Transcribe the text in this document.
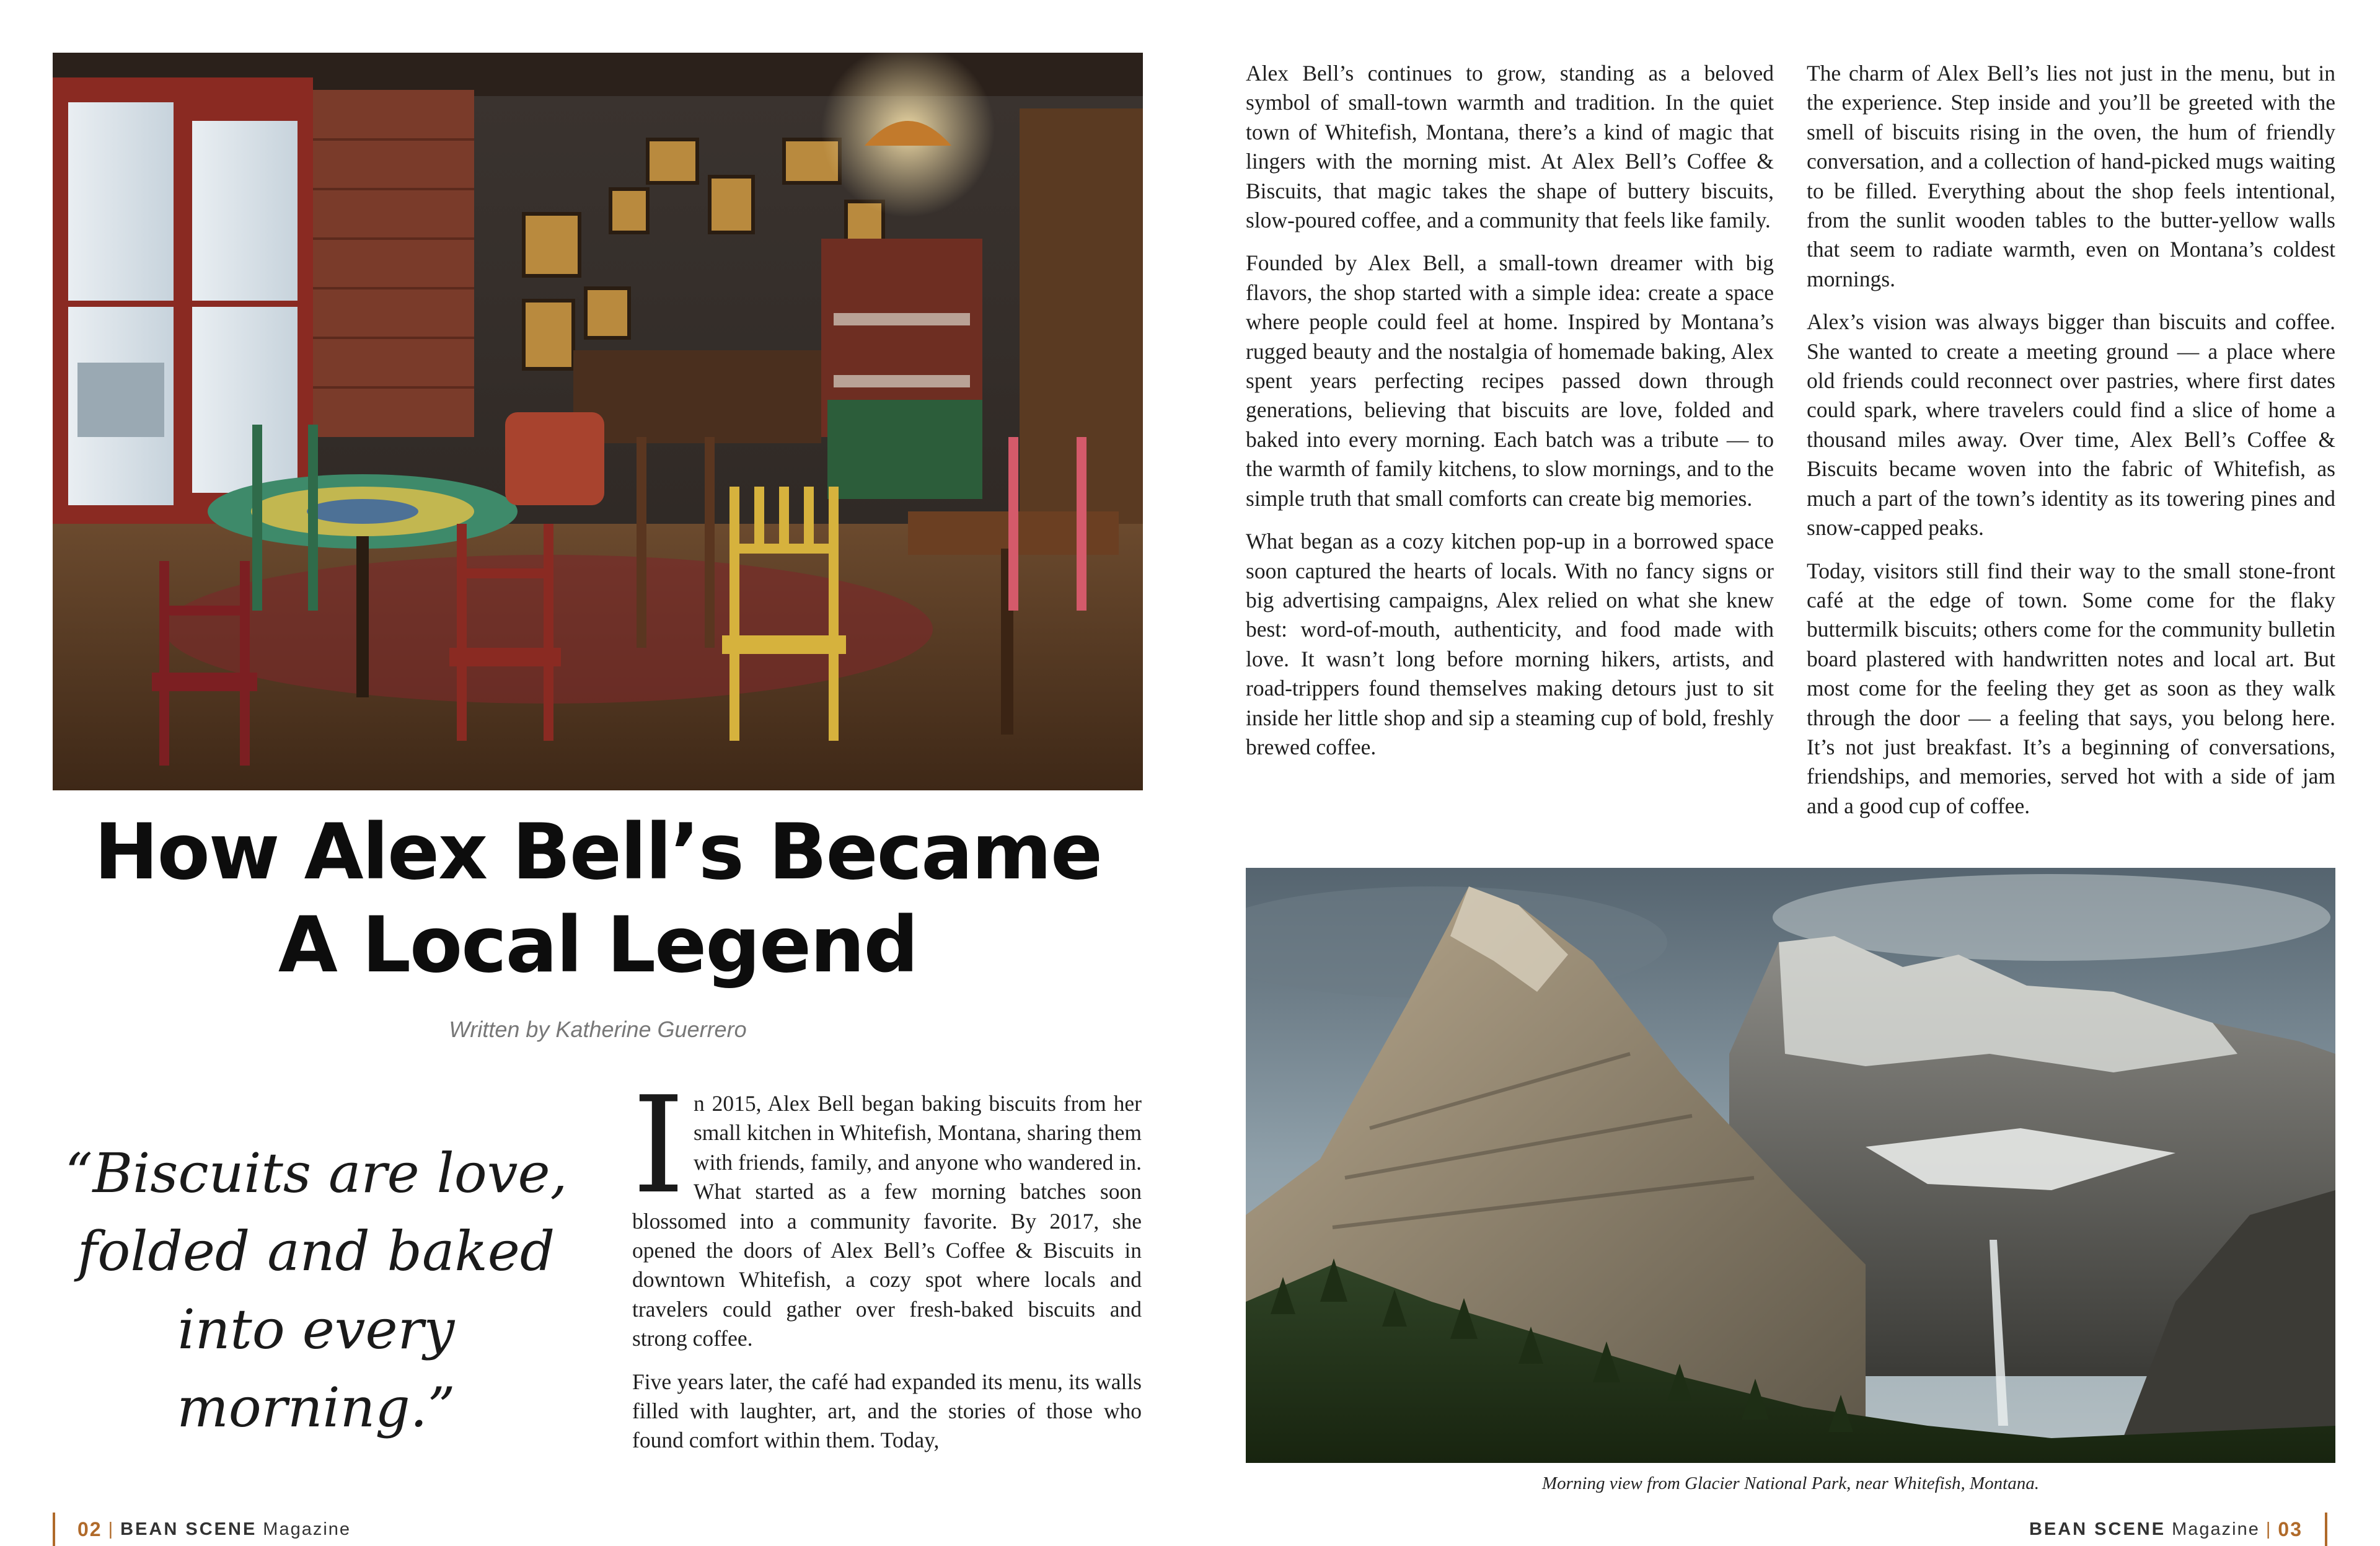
How Alex Bell’s Became
A Local Legend
Written by Katherine Guerrero
“Biscuits are love, folded and baked into every morning.”

In 2015, Alex Bell began baking biscuits from her small kitchen in Whitefish, Montana, sharing them with friends, family, and anyone who wandered in. What started as a few morning batches soon blossomed into a community favorite. By 2017, she opened the doors of Alex Bell’s Coffee & Biscuits in downtown Whitefish, a cozy spot where locals and travelers could gather over fresh-baked biscuits and strong coffee.

Five years later, the café had expanded its menu, its walls filled with laughter, art, and the stories of those who found comfort within them. Today,

Alex Bell’s continues to grow, standing as a beloved symbol of small-town warmth and tradition. In the quiet town of Whitefish, Montana, there’s a kind of magic that lingers with the morning mist. At Alex Bell’s Coffee & Biscuits, that magic takes the shape of buttery biscuits, slow-poured coffee, and a community that feels like family.

Founded by Alex Bell, a small-town dreamer with big flavors, the shop started with a simple idea: create a space where people could feel at home. Inspired by Montana’s rugged beauty and the nostalgia of homemade baking, Alex spent years perfecting recipes passed down through generations, believing that biscuits are love, folded and baked into every morning. Each batch was a tribute — to the warmth of family kitchens, to slow mornings, and to the simple truth that small comforts can create big memories.

What began as a cozy kitchen pop-up in a borrowed space soon captured the hearts of locals. With no fancy signs or big advertising campaigns, Alex relied on what she knew best: word-of-mouth, authenticity, and food made with love. It wasn’t long before morning hikers, artists, and road-trippers found themselves making detours just to sit inside her little shop and sip a steaming cup of bold, freshly brewed coffee.

The charm of Alex Bell’s lies not just in the menu, but in the experience. Step inside and you’ll be greeted with the smell of biscuits rising in the oven, the hum of friendly conversation, and a collection of hand-picked mugs waiting to be filled. Everything about the shop feels intentional, from the sunlit wooden tables to the butter-yellow walls that seem to radiate warmth, even on Montana’s coldest mornings.

Alex’s vision was always bigger than biscuits and coffee. She wanted to create a meeting ground — a place where old friends could reconnect over pastries, where first dates could spark, where travelers could find a slice of home a thousand miles away. Over time, Alex Bell’s Coffee & Biscuits became woven into the fabric of Whitefish, as much a part of the town’s identity as its towering pines and snow-capped peaks.

Today, visitors still find their way to the small stone-front café at the edge of town. Some come for the flaky buttermilk biscuits; others come for the community bulletin board plastered with handwritten notes and local art. But most come for the feeling they get as soon as they walk through the door — a feeling that says, you belong here. It’s not just breakfast. It’s a beginning of conversations, friendships, and memories, served hot with a side of jam and a good cup of coffee.

Morning view from Glacier National Park, near Whitefish, Montana.
02 | BEAN SCENE Magazine	BEAN SCENE Magazine | 03
